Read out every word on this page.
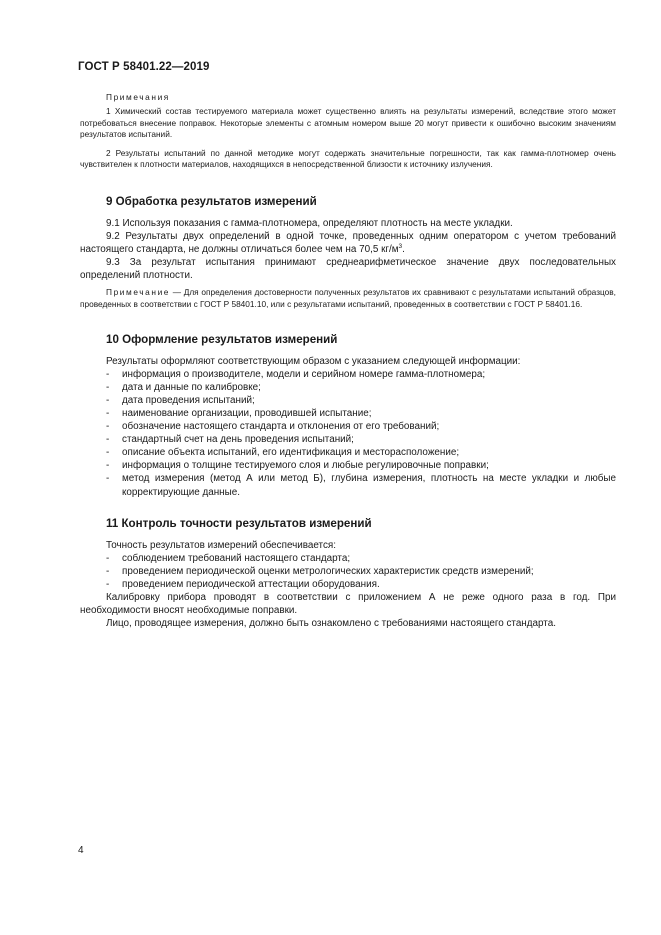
ГОСТ Р 58401.22—2019
Примечания

1 Химический состав тестируемого материала может существенно влиять на результаты измерений, вследствие этого может потребоваться внесение поправок. Некоторые элементы с атомным номером выше 20 могут привести к ошибочно высоким значениям результатов испытаний.

2 Результаты испытаний по данной методике могут содержать значительные погрешности, так как гамма-плотномер очень чувствителен к плотности материалов, находящихся в непосредственной близости к источнику излучения.

9 Обработка результатов измерений

9.1 Используя показания с гамма-плотномера, определяют плотность на месте укладки.

9.2 Результаты двух определений в одной точке, проведенных одним оператором с учетом требований настоящего стандарта, не должны отличаться более чем на 70,5 $кг/м^3$.

9.3 За результат испытания принимают среднеарифметическое значение двух последовательных определений плотности.

Примечание — Для определения достоверности полученных результатов их сравнивают с результатами испытаний образцов, проведенных в соответствии с ГОСТ Р 58401.10, или с результатами испытаний, проведенных в соответствии с ГОСТ Р 58401.16.

10 Оформление результатов измерений

Результаты оформляют соответствующим образом с указанием следующей информации:

- информация о производителе, модели и серийном номере гамма-плотномера;
- дата и данные по калибровке;
- дата проведения испытаний;
- наименование организации, проводившей испытание;
- обозначение настоящего стандарта и отклонения от его требований;
- стандартный счет на день проведения испытаний;
- описание объекта испытаний, его идентификация и месторасположение;
- информация о толщине тестируемого слоя и любые регулировочные поправки;
- метод измерения (метод А или метод Б), глубина измерения, плотность на месте укладки и любые корректирующие данные.
11 Контроль точности результатов измерений

Точность результатов измерений обеспечивается:

- соблюдением требований настоящего стандарта;
- проведением периодической оценки метрологических характеристик средств измерений;
- проведением периодической аттестации оборудования.

Калибровку прибора проводят в соответствии с приложением А не реже одного раза в год. При необходимости вносят необходимые поправки.

Лицо, проводящее измерения, должно быть ознакомлено с требованиями настоящего стандарта.

4
